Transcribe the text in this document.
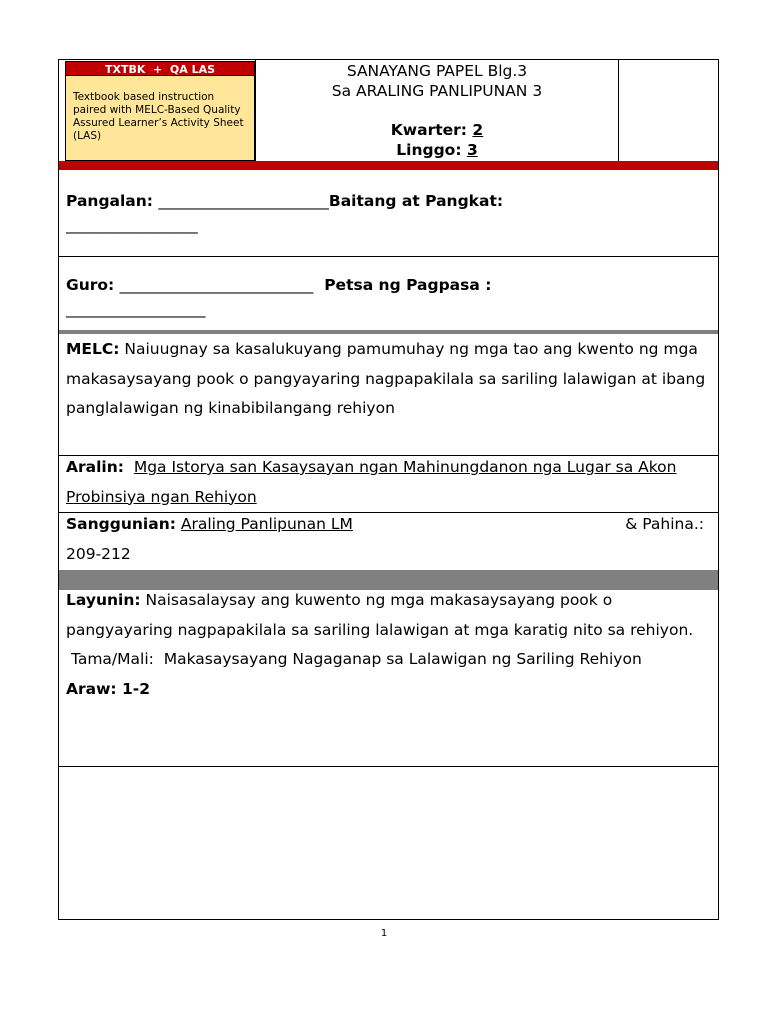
TXTBK  +  QA LAS
Textbook based instruction paired with MELC-Based Quality Assured Learner’s Activity Sheet (LAS)
SANAYANG PAPEL Blg.3
Sa ARALING PANLIPUNAN 3
Kwarter: 2
Linggo: 3
Pangalan: ______________________Baitang at Pangkat:
_________________
Guro: _________________________  Petsa ng Pagpasa :
__________________
MELC: Naiuugnay sa kasalukuyang pamumuhay ng mga tao ang kwento ng mga makasaysayang pook o pangyayaring nagpapakilala sa sariling lalawigan at ibang panglalawigan ng kinabibilangang rehiyon
Aralin: Mga Istorya san Kasaysayan ngan Mahinungdanon nga Lugar sa Akon Probinsiya ngan Rehiyon
Sanggunian: Araling Panlipunan LM	& Pahina.:

209-212
Layunin: Naisasalaysay ang kuwento ng mga makasaysayang pook o pangyayaring nagpapakilala sa sariling lalawigan at mga karatig nito sa rehiyon.
Tama/Mali:  Makasaysayang Nagaganap sa Lalawigan ng Sariling Rehiyon
Araw: 1-2
1
